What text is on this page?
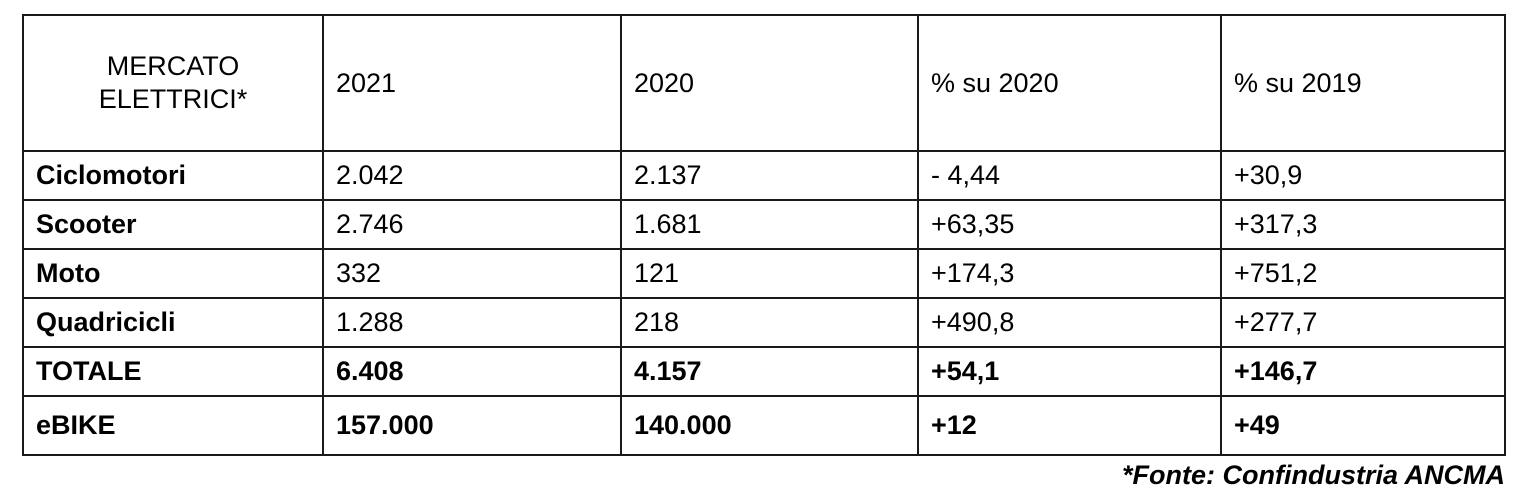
MERCATO
ELETTRICI*	2021	2020	% su 2020	% su 2019
Ciclomotori	2.042	2.137	- 4,44	+30,9
Scooter	2.746	1.681	+63,35	+317,3
Moto	332	121	+174,3	+751,2
Quadricicli	1.288	218	+490,8	+277,7
TOTALE	6.408	4.157	+54,1	+146,7
eBIKE	157.000	140.000	+12	+49
*Fonte: Confindustria ANCMA
